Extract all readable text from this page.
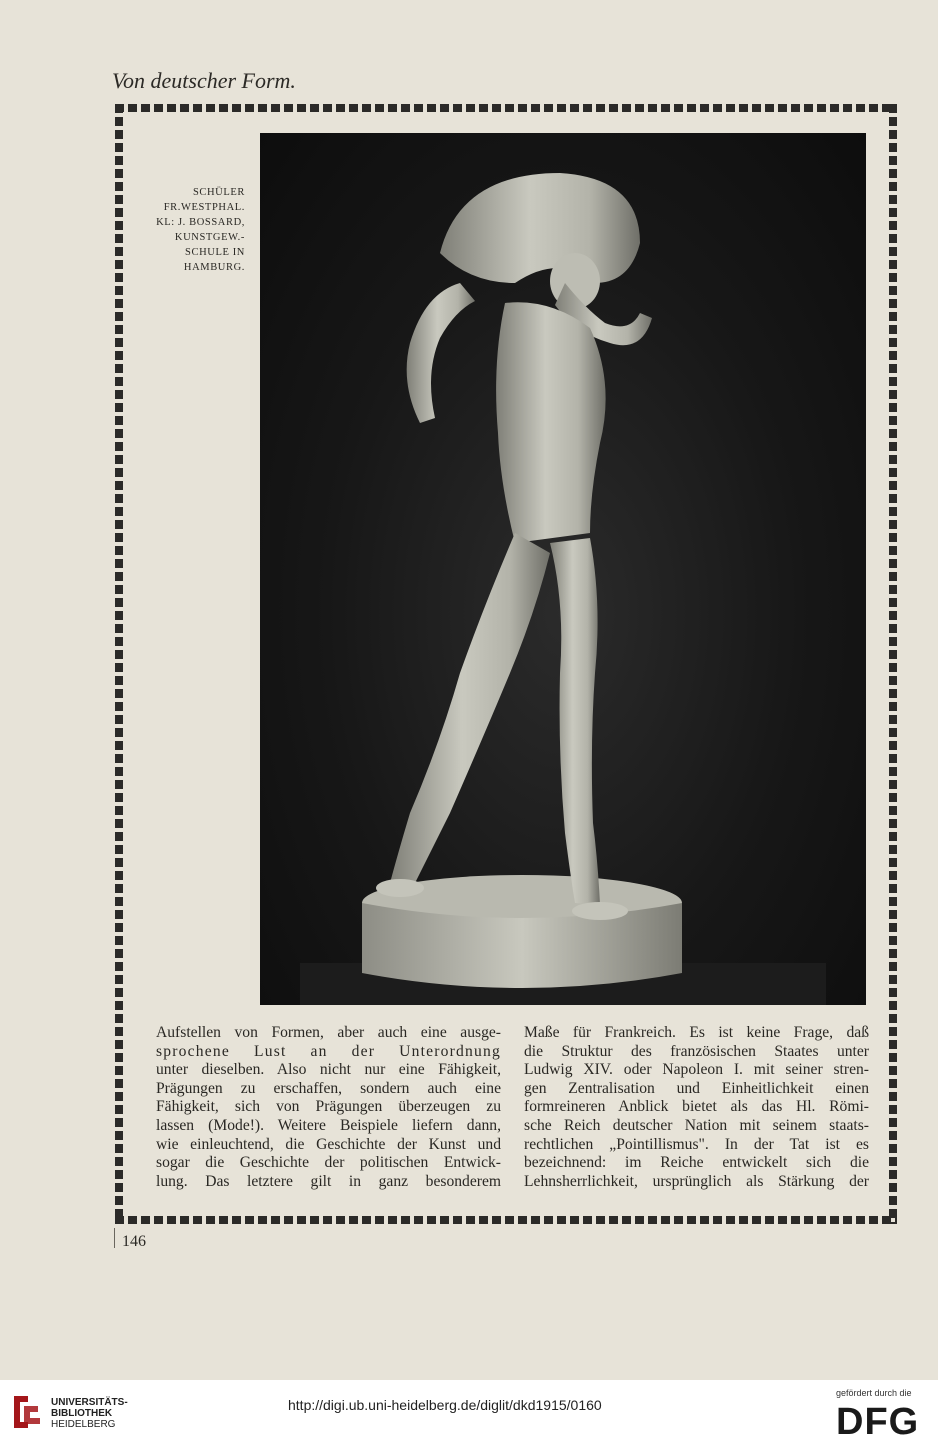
Von deutscher Form.
SCHÜLER
FR.WESTPHAL.
KL: J. BOSSARD,
KUNSTGEW.-
SCHULE IN
HAMBURG.
Aufstellen von Formen, aber auch eine ausge-
sprochene Lust an der Unterordnung
unter dieselben. Also nicht nur eine Fähigkeit,
Prägungen zu erschaffen, sondern auch eine
Fähigkeit, sich von Prägungen überzeugen zu
lassen (Mode!). Weitere Beispiele liefern dann,
wie einleuchtend, die Geschichte der Kunst und
sogar die Geschichte der politischen Entwick-
lung. Das letztere gilt in ganz besonderem
Maße für Frankreich. Es ist keine Frage, daß
die Struktur des französischen Staates unter
Ludwig XIV. oder Napoleon I. mit seiner stren-
gen Zentralisation und Einheitlichkeit einen
formreineren Anblick bietet als das Hl. Römi-
sche Reich deutscher Nation mit seinem staats-
rechtlichen „Pointillismus". In der Tat ist es
bezeichnend: im Reiche entwickelt sich die
Lehnsherrlichkeit, ursprünglich als Stärkung der
146
UNIVERSITÄTS-
BIBLIOTHEK
HEIDELBERG
http://digi.ub.uni-heidelberg.de/diglit/dkd1915/0160
gefördert durch die
DFG
